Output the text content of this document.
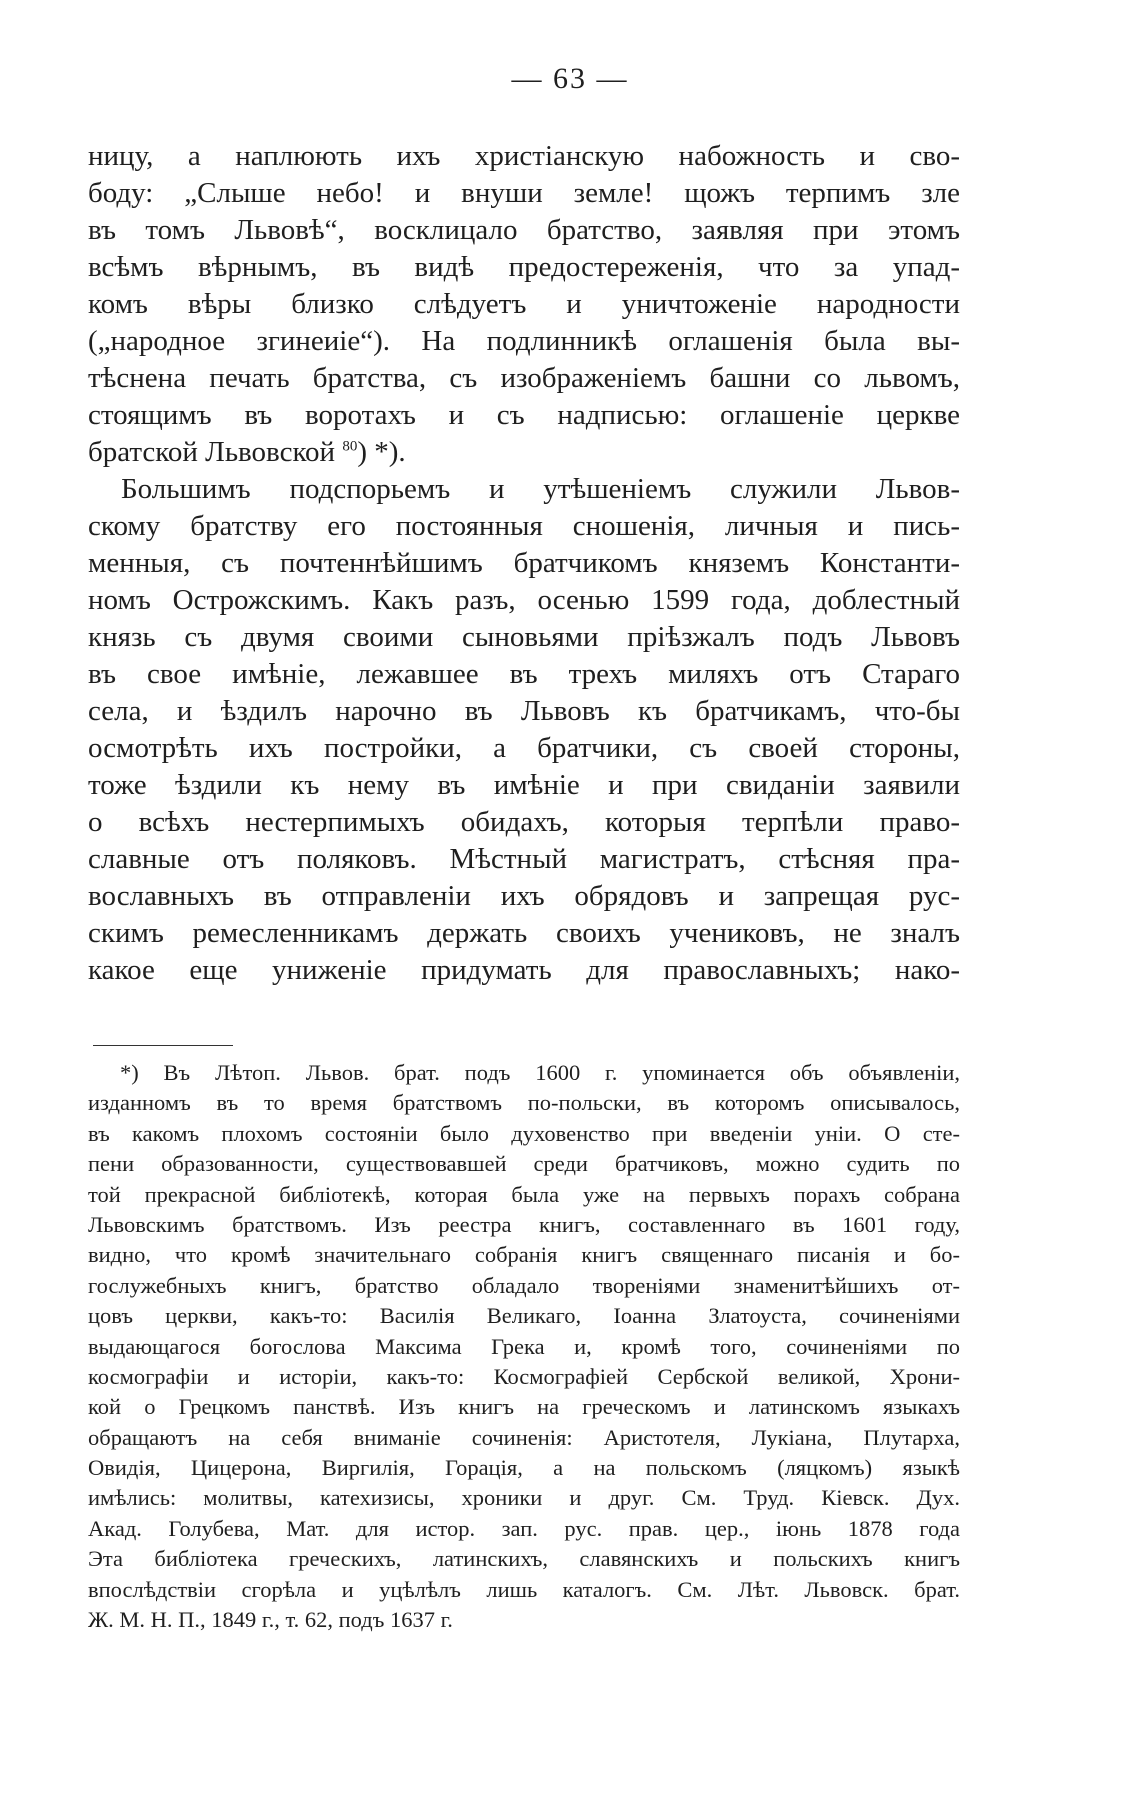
— 63 —
ницу, а наплюють ихъ христіанскую набожность и сво-
боду: „Слыше небо! и внуши земле! щожъ терпимъ зле
въ томъ Львовѣ“, восклицало братство, заявляя при этомъ
всѣмъ вѣрнымъ, въ видѣ предостереженія, что за упад-
комъ вѣры близко слѣдуетъ и уничтоженіе народности
(„народное згинеиіе“). На подлинникѣ оглашенія была вы-
тѣснена печать братства, съ изображеніемъ башни со львомъ,
стоящимъ въ воротахъ и съ надписью: оглашеніе церкве
братской Львовской $^{80}$) *).
Большимъ подспорьемъ и утѣшеніемъ служили Львов-
скому братству его постоянныя сношенія, личныя и пись-
менныя, съ почтеннѣйшимъ братчикомъ княземъ Константи-
номъ Острожскимъ. Какъ разъ, осенью 1599 года, доблестный
князь съ двумя своими сыновьями пріѣзжалъ подъ Львовъ
въ свое имѣніе, лежавшее въ трехъ миляхъ отъ Стараго
села, и ѣздилъ нарочно въ Львовъ къ братчикамъ, что-бы
осмотрѣть ихъ постройки, а братчики, съ своей стороны,
тоже ѣздили къ нему въ имѣніе и при свиданіи заявили
о всѣхъ нестерпимыхъ обидахъ, которыя терпѣли право-
славные отъ поляковъ. Мѣстный магистратъ, стѣсняя пра-
вославныхъ въ отправленіи ихъ обрядовъ и запрещая рус-
скимъ ремесленникамъ держать своихъ учениковъ, не зналъ
какое еще униженіе придумать для православныхъ; нако-
*) Въ Лѣтоп. Львов. брат. подъ 1600 г. упоминается объ объявленіи,
изданномъ въ то время братствомъ по-польски, въ которомъ описывалось,
въ какомъ плохомъ состояніи было духовенство при введеніи уніи. О сте-
пени образованности, существовавшей среди братчиковъ, можно судить по
той прекрасной библіотекѣ, которая была уже на первыхъ порахъ собрана
Львовскимъ братствомъ. Изъ реестра книгъ, составленнаго въ 1601 году,
видно, что кромѣ значительнаго собранія книгъ священнаго писанія и бо-
гослужебныхъ книгъ, братство обладало твореніями знаменитѣйшихъ от-
цовъ церкви, какъ-то: Василія Великаго, Іоанна Златоуста, сочиненіями
выдающагося богослова Максима Грека и, кромѣ того, сочиненіями по
космографіи и исторіи, какъ-то: Космографіей Сербской великой, Хрони-
кой о Грецкомъ панствѣ. Изъ книгъ на греческомъ и латинскомъ языкахъ
обращаютъ на себя вниманіе сочиненія: Аристотеля, Лукіана, Плутарха,
Овидія, Цицерона, Виргилія, Горація, а на польскомъ (ляцкомъ) языкѣ
имѣлись: молитвы, катехизисы, хроники и друг. См. Труд. Кіевск. Дух.
Акад. Голубева, Мат. для истор. зап. рус. прав. цер., іюнь 1878 года
Эта библіотека греческихъ, латинскихъ, славянскихъ и польскихъ книгъ
впослѣдствіи сгорѣла и уцѣлѣлъ лишь каталогъ. См. Лѣт. Львовск. брат.
Ж. М. Н. П., 1849 г., т. 62, подъ 1637 г.
